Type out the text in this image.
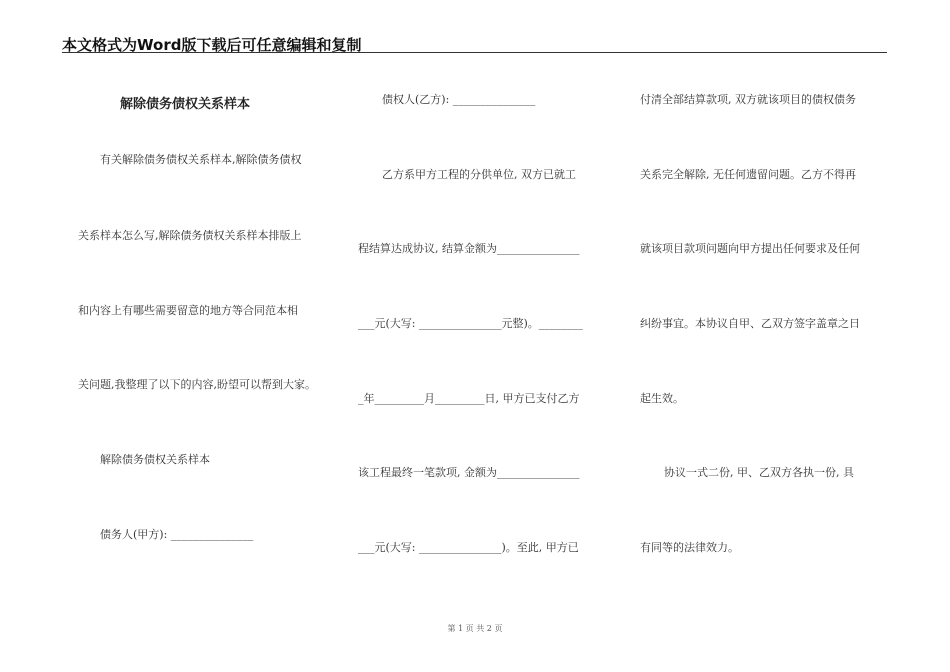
本文格式为Word版下载后可任意编辑和复制
解除债务债权关系样本
有关解除债务债权关系样本,解除债务债权
关系样本怎么写,解除债务债权关系样本排版上
和内容上有哪些需要留意的地方等合同范本相
关问题,我整理了以下的内容,盼望可以帮到大家。
解除债务债权关系样本
债务人(甲方): _______________
债权人(乙方): _______________
乙方系甲方工程的分供单位, 双方已就工
程结算达成协议, 结算金额为_______________
___元(大写: _______________元整)。________
_年_________月_________日, 甲方已支付乙方
该工程最终一笔款项, 金额为_______________
___元(大写: _______________)。至此, 甲方已
付清全部结算款项, 双方就该项目的债权债务
关系完全解除, 无任何遗留问题。乙方不得再
就该项目款项问题向甲方提出任何要求及任何
纠纷事宜。本协议自甲、乙双方签字盖章之日
起生效。
协议一式二份, 甲、乙双方各执一份, 具
有同等的法律效力。
第 1 页 共 2 页
